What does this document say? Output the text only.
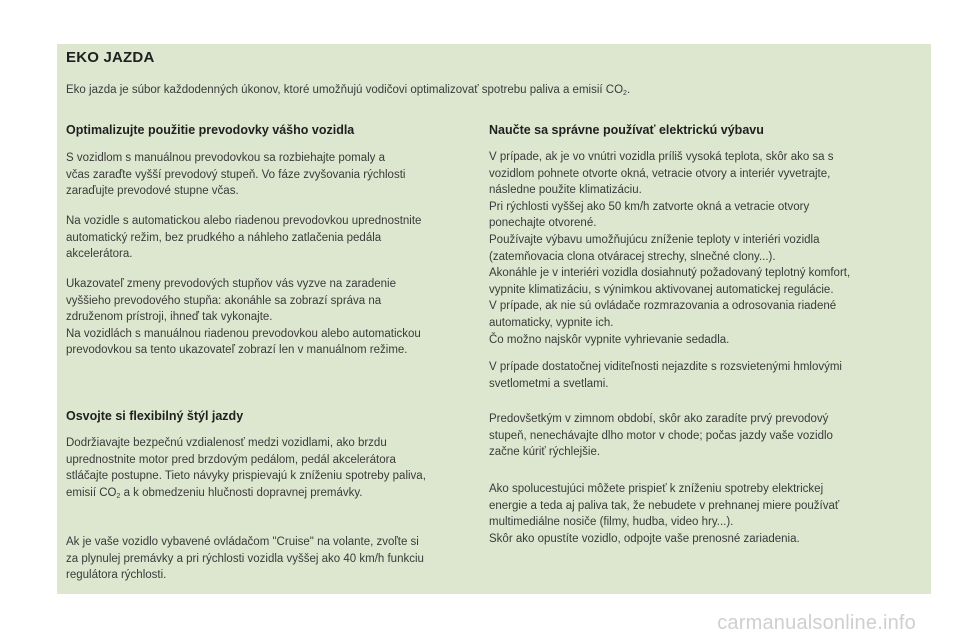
EKO JAZDA
Eko jazda je súbor každodenných úkonov, ktoré umožňujú vodičovi optimalizovať spotrebu paliva a emisií $CO_2$.
Optimalizujte použitie prevodovky vášho vozidla

S vozidlom s manuálnou prevodovkou sa rozbiehajte pomaly a
včas zaraďte vyšší prevodový stupeň. Vo fáze zvyšovania rýchlosti
zaraďujte prevodové stupne včas.

Na vozidle s automatickou alebo riadenou prevodovkou uprednostnite
automatický režim, bez prudkého a náhleho zatlačenia pedála
akcelerátora.

Ukazovateľ zmeny prevodových stupňov vás vyzve na zaradenie
vyššieho prevodového stupňa: akonáhle sa zobrazí správa na
združenom prístroji, ihneď tak vykonajte.
Na vozidlách s manuálnou riadenou prevodovkou alebo automatickou
prevodovkou sa tento ukazovateľ zobrazí len v manuálnom režime.

Osvojte si flexibilný štýl jazdy

Dodržiavajte bezpečnú vzdialenosť medzi vozidlami, ako brzdu
uprednostnite motor pred brzdovým pedálom, pedál akcelerátora
stláčajte postupne. Tieto návyky prispievajú k zníženiu spotreby paliva,
emisií $CO_2$ a k obmedzeniu hlučnosti dopravnej premávky.

Ak je vaše vozidlo vybavené ovládačom "Cruise" na volante, zvoľte si
za plynulej premávky a pri rýchlosti vozidla vyššej ako 40 km/h funkciu
regulátora rýchlosti.

Naučte sa správne používať elektrickú výbavu

V prípade, ak je vo vnútri vozidla príliš vysoká teplota, skôr ako sa s
vozidlom pohnete otvorte okná, vetracie otvory a interiér vyvetrajte,
následne použite klimatizáciu.
Pri rýchlosti vyššej ako 50 km/h zatvorte okná a vetracie otvory
ponechajte otvorené.
Používajte výbavu umožňujúcu zníženie teploty v interiéri vozidla
(zatemňovacia clona otváracej strechy, slnečné clony...).
Akonáhle je v interiéri vozidla dosiahnutý požadovaný teplotný komfort,
vypnite klimatizáciu, s výnimkou aktivovanej automatickej regulácie.
V prípade, ak nie sú ovládače rozmrazovania a odrosovania riadené
automaticky, vypnite ich.
Čo možno najskôr vypnite vyhrievanie sedadla.

V prípade dostatočnej viditeľnosti nejazdite s rozsvietenými hmlovými
svetlometmi a svetlami.

Predovšetkým v zimnom období, skôr ako zaradíte prvý prevodový
stupeň, nenechávajte dlho motor v chode; počas jazdy vaše vozidlo
začne kúriť rýchlejšie.

Ako spolucestujúci môžete prispieť k zníženiu spotreby elektrickej
energie a teda aj paliva tak, že nebudete v prehnanej miere používať
multimediálne nosiče (filmy, hudba, video hry...).
Skôr ako opustíte vozidlo, odpojte vaše prenosné zariadenia.

carmanualsonline.info
